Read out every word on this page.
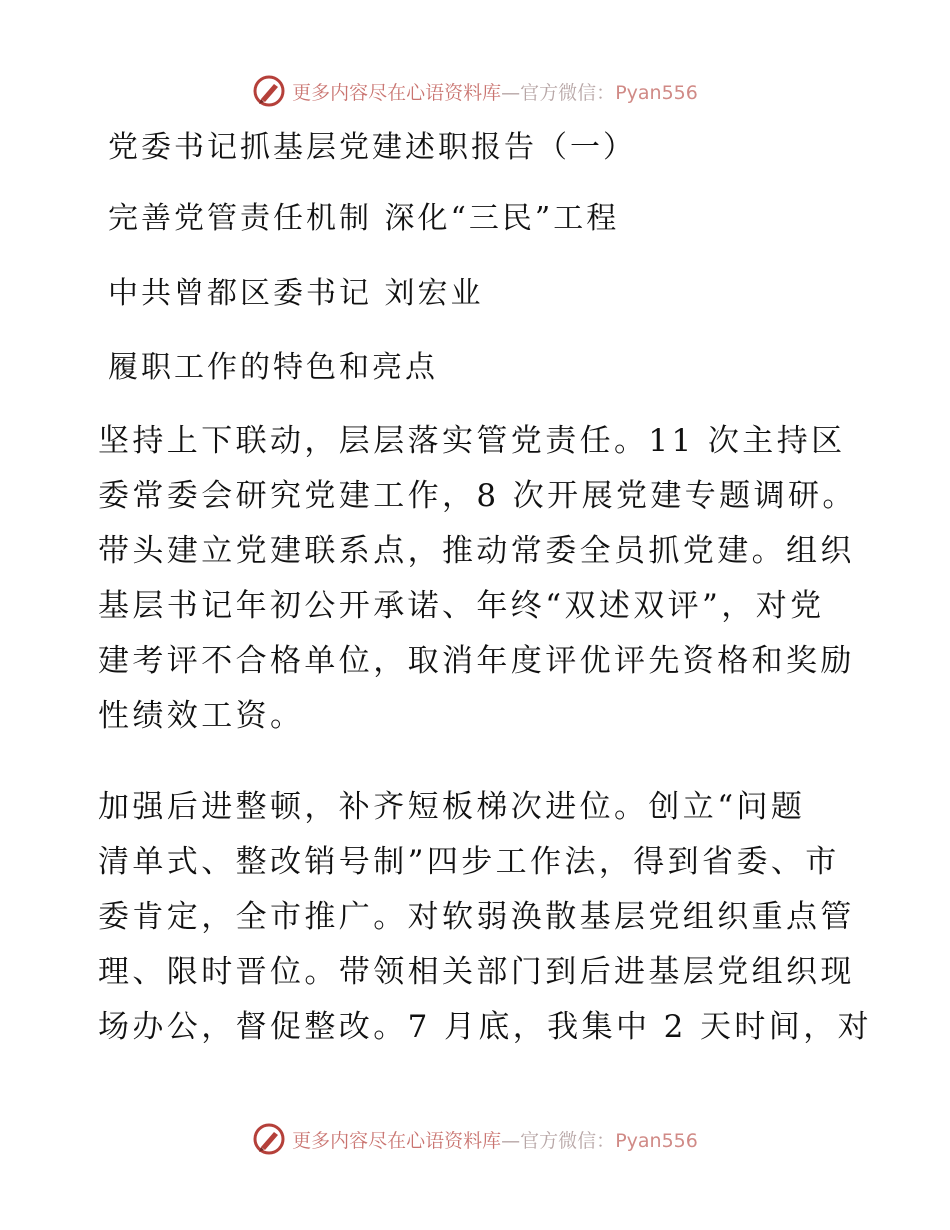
更多内容尽在心语资料库—官方微信：Pyan556
党委书记抓基层党建述职报告（一）
完善党管责任机制 深化“三民”工程
中共曾都区委书记 刘宏业
履职工作的特色和亮点
坚持上下联动，层层落实管党责任。11 次主持区
委常委会研究党建工作，8 次开展党建专题调研。
带头建立党建联系点，推动常委全员抓党建。组织
基层书记年初公开承诺、年终“双述双评”，对党
建考评不合格单位，取消年度评优评先资格和奖励
性绩效工资。
加强后进整顿，补齐短板梯次进位。创立“问题
清单式、整改销号制”四步工作法，得到省委、市
委肯定，全市推广。对软弱涣散基层党组织重点管
理、限时晋位。带领相关部门到后进基层党组织现
场办公，督促整改。7 月底，我集中 2 天时间，对
更多内容尽在心语资料库—官方微信：Pyan556
